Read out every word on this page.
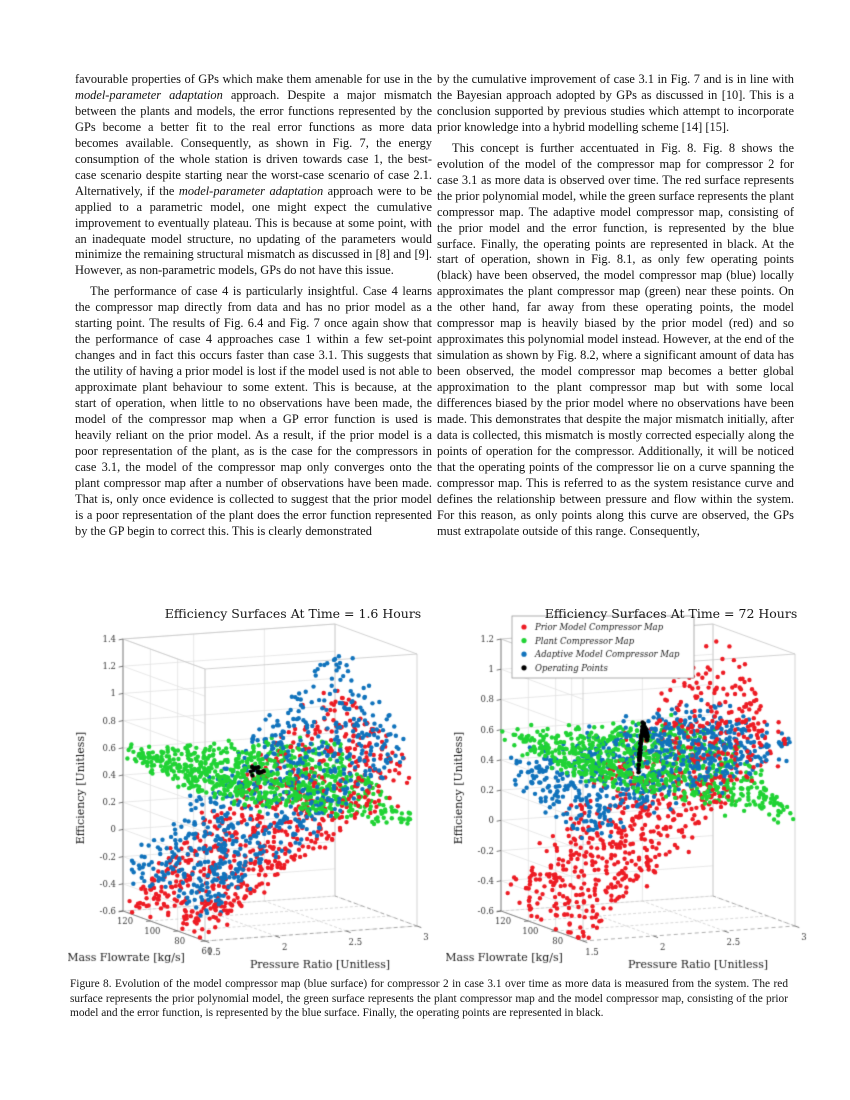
favourable properties of GPs which make them amenable for use in the model-parameter adaptation approach. Despite a major mismatch between the plants and models, the error functions represented by the GPs become a better fit to the real error functions as more data becomes available. Consequently, as shown in Fig. 7, the energy consumption of the whole station is driven towards case 1, the best-case scenario despite starting near the worst-case scenario of case 2.1. Alternatively, if the model-parameter adaptation approach were to be applied to a parametric model, one might expect the cumulative improvement to eventually plateau. This is because at some point, with an inadequate model structure, no updating of the parameters would minimize the remaining structural mismatch as discussed in [8] and [9]. However, as non-parametric models, GPs do not have this issue.

The performance of case 4 is particularly insightful. Case 4 learns the compressor map directly from data and has no prior model as a starting point. The results of Fig. 6.4 and Fig. 7 once again show that the performance of case 4 approaches case 1 within a few set-point changes and in fact this occurs faster than case 3.1. This suggests that the utility of having a prior model is lost if the model used is not able to approximate plant behaviour to some extent. This is because, at the start of operation, when little to no observations have been made, the model of the compressor map when a GP error function is used is heavily reliant on the prior model. As a result, if the prior model is a poor representation of the plant, as is the case for the compressors in case 3.1, the model of the compressor map only converges onto the plant compressor map after a number of observations have been made. That is, only once evidence is collected to suggest that the prior model is a poor representation of the plant does the error function represented by the GP begin to correct this. This is clearly demonstrated

by the cumulative improvement of case 3.1 in Fig. 7 and is in line with the Bayesian approach adopted by GPs as discussed in [10]. This is a conclusion supported by previous studies which attempt to incorporate prior knowledge into a hybrid modelling scheme [14] [15].

This concept is further accentuated in Fig. 8. Fig. 8 shows the evolution of the model of the compressor map for compressor 2 for case 3.1 as more data is observed over time. The red surface represents the prior polynomial model, while the green surface represents the plant compressor map. The adaptive model compressor map, consisting of the prior model and the error function, is represented by the blue surface. Finally, the operating points are represented in black. At the start of operation, shown in Fig. 8.1, as only few operating points (black) have been observed, the model compressor map (blue) locally approximates the plant compressor map (green) near these points. On the other hand, far away from these operating points, the model compressor map is heavily biased by the prior model (red) and so approximates this polynomial model instead. However, at the end of the simulation as shown by Fig. 8.2, where a significant amount of data has been observed, the model compressor map becomes a better global approximation to the plant compressor map but with some local differences biased by the prior model where no observations have been made. This demonstrates that despite the major mismatch initially, after data is collected, this mismatch is mostly corrected especially along the points of operation for the compressor. Additionally, it will be noticed that the operating points of the compressor lie on a curve spanning the compressor map. This is referred to as the system resistance curve and defines the relationship between pressure and flow within the system. For this reason, as only points along this curve are observed, the GPs must extrapolate outside of this range. Consequently,

Efficiency Surfaces At Time = 1.6 Hours	Efficiency Surfaces At Time = 72 Hours
Figure 8. Evolution of the model compressor map (blue surface) for compressor 2 in case 3.1 over time as more data is measured from the system. The red surface represents the prior polynomial model, the green surface represents the plant compressor map and the model compressor map, consisting of the prior model and the error function, is represented by the blue surface. Finally, the operating points are represented in black.
